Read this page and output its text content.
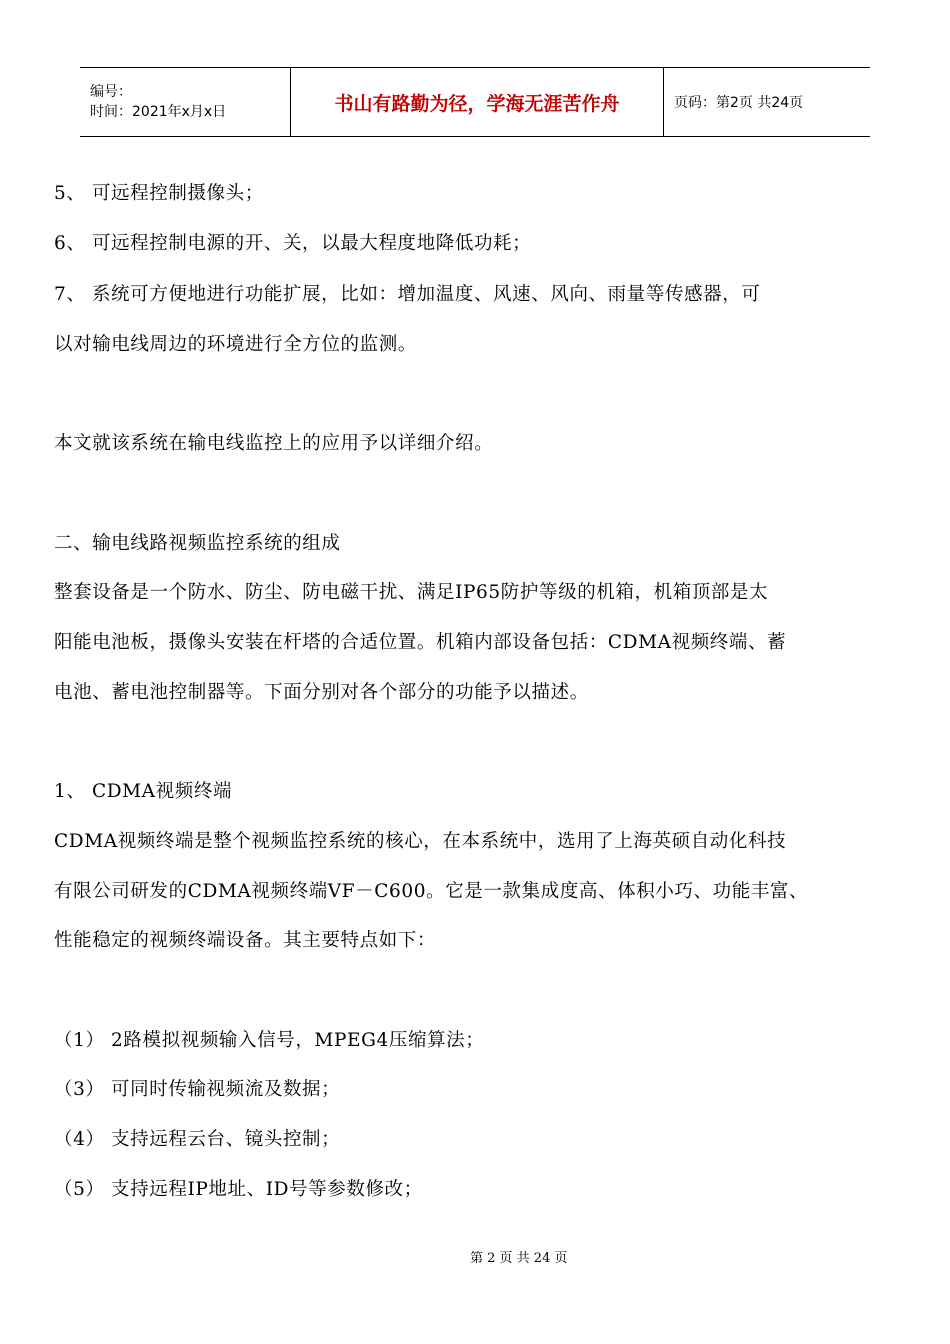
编号：
时间：2021年x月x日	书山有路勤为径，学海无涯苦作舟	页码：第2页 共24页
5、 可远程控制摄像头；
6、 可远程控制电源的开、关，以最大程度地降低功耗；
7、 系统可方便地进行功能扩展，比如：增加温度、风速、风向、雨量等传感器，可
以对输电线周边的环境进行全方位的监测。
本文就该系统在输电线监控上的应用予以详细介绍。
二、输电线路视频监控系统的组成
整套设备是一个防水、防尘、防电磁干扰、满足IP65防护等级的机箱，机箱顶部是太
阳能电池板，摄像头安装在杆塔的合适位置。机箱内部设备包括：CDMA视频终端、蓄
电池、蓄电池控制器等。下面分别对各个部分的功能予以描述。
1、 CDMA视频终端
CDMA视频终端是整个视频监控系统的核心，在本系统中，选用了上海英硕自动化科技
有限公司研发的CDMA视频终端VF－C600。它是一款集成度高、体积小巧、功能丰富、
性能稳定的视频终端设备。其主要特点如下：
（1） 2路模拟视频输入信号，MPEG4压缩算法；
（3） 可同时传输视频流及数据；
（4） 支持远程云台、镜头控制；
（5） 支持远程IP地址、ID号等参数修改；
第 2 页 共 24 页
